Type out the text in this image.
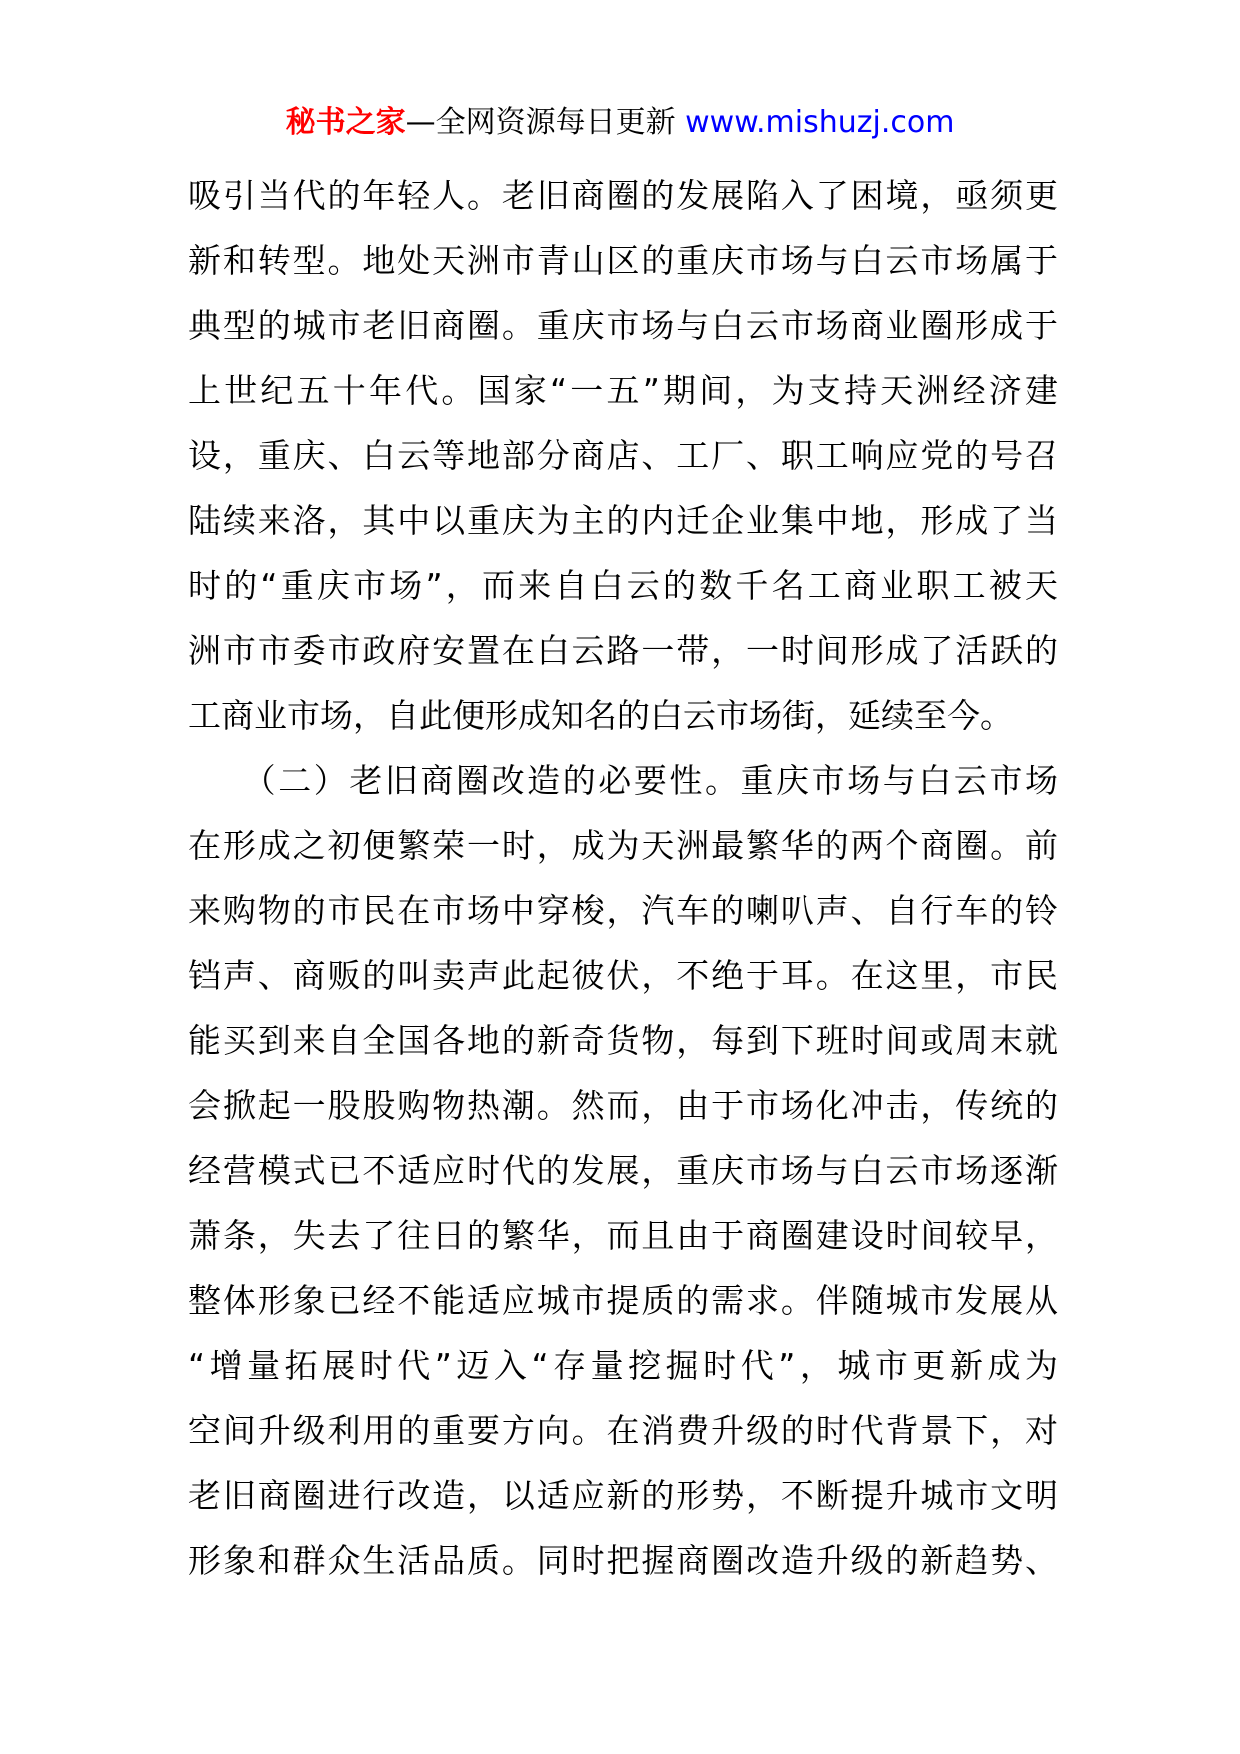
秘书之家—全网资源每日更新 www.mishuzj.com
吸引当代的年轻人。老旧商圈的发展陷入了困境，亟须更
新和转型。地处天洲市青山区的重庆市场与白云市场属于
典型的城市老旧商圈。重庆市场与白云市场商业圈形成于
上世纪五十年代。国家“一五”期间，为支持天洲经济建
设，重庆、白云等地部分商店、工厂、职工响应党的号召
陆续来洛，其中以重庆为主的内迁企业集中地，形成了当
时的“重庆市场”，而来自白云的数千名工商业职工被天
洲市市委市政府安置在白云路一带，一时间形成了活跃的
工商业市场，自此便形成知名的白云市场街，延续至今。
　　（二）老旧商圈改造的必要性。重庆市场与白云市场
在形成之初便繁荣一时，成为天洲最繁华的两个商圈。前
来购物的市民在市场中穿梭，汽车的喇叭声、自行车的铃
铛声、商贩的叫卖声此起彼伏，不绝于耳。在这里，市民
能买到来自全国各地的新奇货物，每到下班时间或周末就
会掀起一股股购物热潮。然而，由于市场化冲击，传统的
经营模式已不适应时代的发展，重庆市场与白云市场逐渐
萧条，失去了往日的繁华，而且由于商圈建设时间较早，
整体形象已经不能适应城市提质的需求。伴随城市发展从
“增量拓展时代”迈入“存量挖掘时代”，城市更新成为
空间升级利用的重要方向。在消费升级的时代背景下，对
老旧商圈进行改造，以适应新的形势，不断提升城市文明
形象和群众生活品质。同时把握商圈改造升级的新趋势、
